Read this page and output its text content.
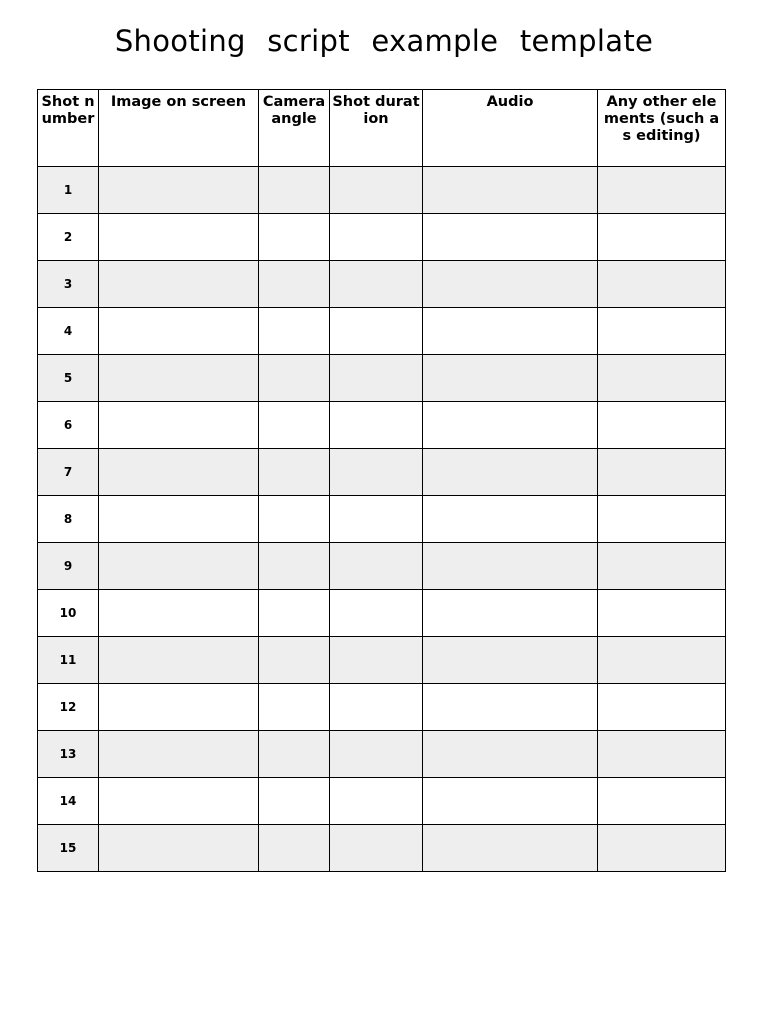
Shooting script example template
Shot number	Image on screen	Camera angle	Shot duration	Audio	Any other elements (such as editing)
1					
2					
3					
4					
5					
6					
7					
8					
9					
10					
11					
12					
13					
14					
15					
